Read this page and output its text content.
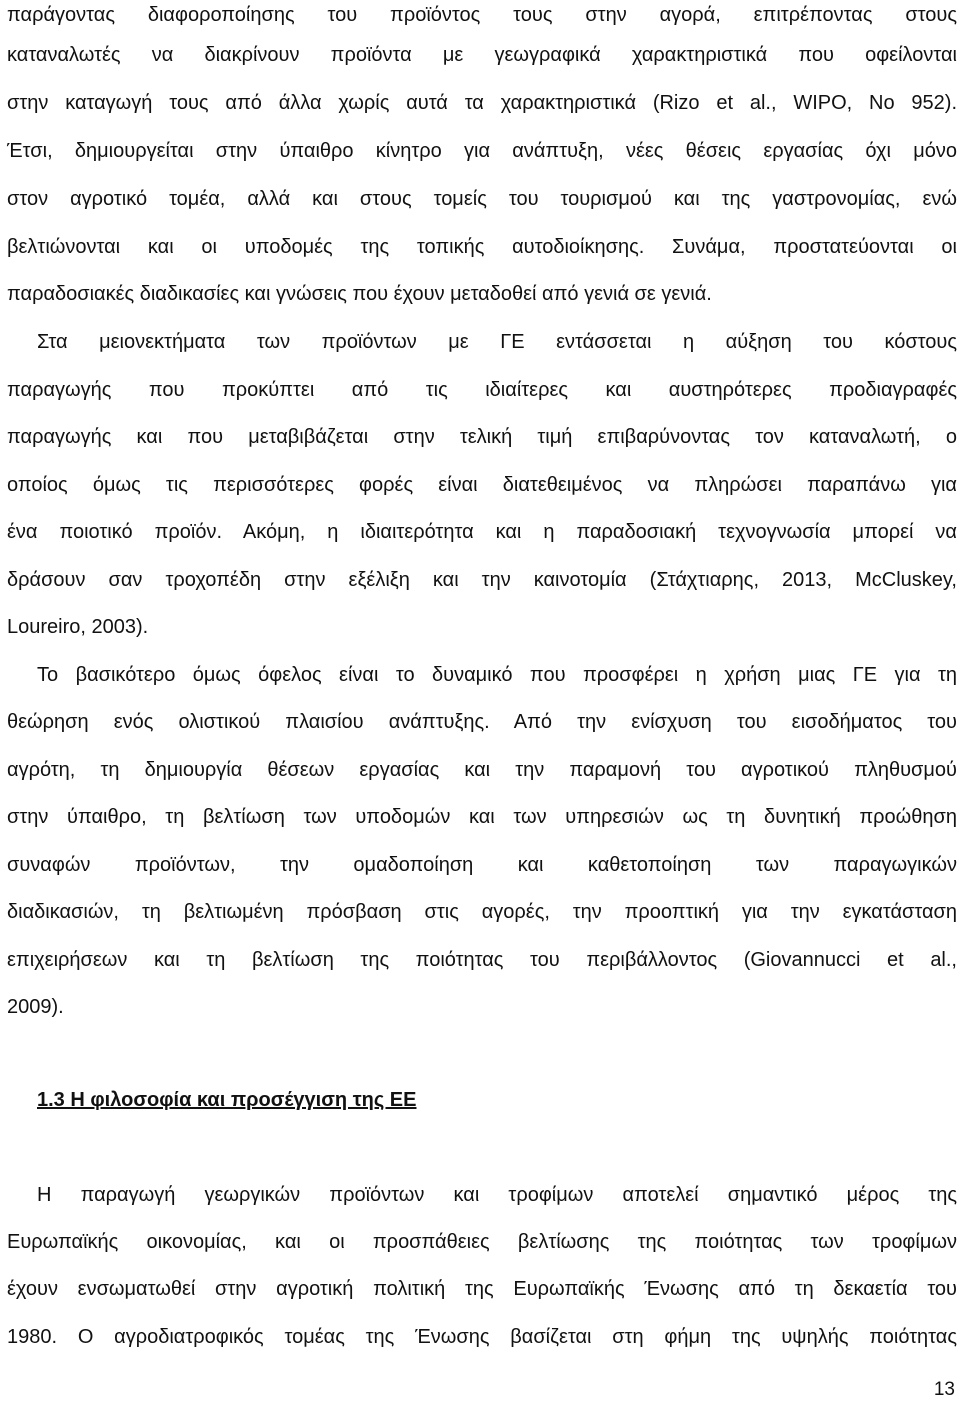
παράγοντας διαφοροποίησης του προϊόντος τους στην αγορά, επιτρέποντας στους
καταναλωτές να διακρίνουν προϊόντα με γεωγραφικά χαρακτηριστικά που οφείλονται
στην καταγωγή τους από άλλα χωρίς αυτά τα χαρακτηριστικά (Rizo et al., WIPO, No 952).
Έτσι, δημιουργείται στην ύπαιθρο κίνητρο για ανάπτυξη, νέες θέσεις εργασίας όχι μόνο
στον αγροτικό τομέα, αλλά και στους τομείς του τουρισμού και της γαστρονομίας, ενώ
βελτιώνονται και οι υποδομές της τοπικής αυτοδιοίκησης. Συνάμα, προστατεύονται οι
παραδοσιακές διαδικασίες και γνώσεις που έχουν μεταδοθεί από γενιά σε γενιά.
Στα μειονεκτήματα των προϊόντων με ΓΕ εντάσσεται η αύξηση του κόστους
παραγωγής που προκύπτει από τις ιδιαίτερες και αυστηρότερες προδιαγραφές
παραγωγής και που μεταβιβάζεται στην τελική τιμή επιβαρύνοντας τον καταναλωτή, ο
οποίος όμως τις περισσότερες φορές είναι διατεθειμένος να πληρώσει παραπάνω για
ένα ποιοτικό προϊόν. Ακόμη, η ιδιαιτερότητα και η παραδοσιακή τεχνογνωσία μπορεί να
δράσουν σαν τροχοπέδη στην εξέλιξη και την καινοτομία (Στάχτιαρης, 2013, McCluskey,
Loureiro, 2003).
Το βασικότερο όμως όφελος είναι το δυναμικό που προσφέρει η χρήση μιας ΓΕ για τη
θεώρηση ενός ολιστικού πλαισίου ανάπτυξης. Από την ενίσχυση του εισοδήματος του
αγρότη, τη δημιουργία θέσεων εργασίας και την παραμονή του αγροτικού πληθυσμού
στην ύπαιθρο, τη βελτίωση των υποδομών και των υπηρεσιών ως τη δυνητική προώθηση
συναφών προϊόντων, την ομαδοποίηση και καθετοποίηση των παραγωγικών
διαδικασιών, τη βελτιωμένη πρόσβαση στις αγορές, την προοπτική για την εγκατάσταση
επιχειρήσεων και τη βελτίωση της ποιότητας του περιβάλλοντος (Giovannucci et al.,
2009).
1.3 Η φιλοσοφία και προσέγγιση της ΕΕ
Η παραγωγή γεωργικών προϊόντων και τροφίμων αποτελεί σημαντικό μέρος της
Ευρωπαϊκής οικονομίας, και οι προσπάθειες βελτίωσης της ποιότητας των τροφίμων
έχουν ενσωματωθεί στην αγροτική πολιτική της Ευρωπαϊκής Ένωσης από τη δεκαετία του
1980. Ο αγροδιατροφικός τομέας της Ένωσης βασίζεται στη φήμη της υψηλής ποιότητας
13
